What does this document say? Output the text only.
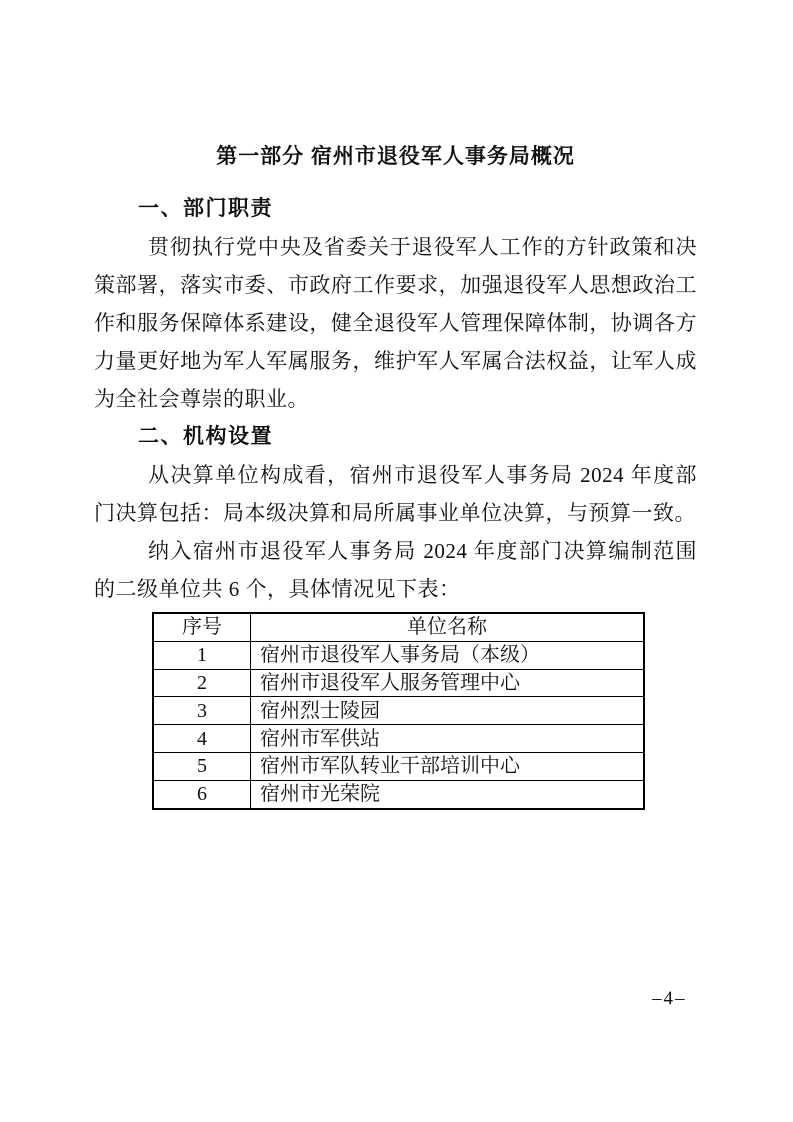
第一部分 宿州市退役军人事务局概况
一、部门职责

贯彻执行党中央及省委关于退役军人工作的方针政策和决策部署，落实市委、市政府工作要求，加强退役军人思想政治工作和服务保障体系建设，健全退役军人管理保障体制，协调各方力量更好地为军人军属服务，维护军人军属合法权益，让军人成为全社会尊崇的职业。

二、机构设置

从决算单位构成看，宿州市退役军人事务局 2024 年度部门决算包括：局本级决算和局所属事业单位决算，与预算一致。

纳入宿州市退役军人事务局 2024 年度部门决算编制范围的二级单位共 6 个，具体情况见下表：

序号	单位名称
1	宿州市退役军人事务局（本级）
2	宿州市退役军人服务管理中心
3	宿州烈士陵园
4	宿州市军供站
5	宿州市军队转业干部培训中心
6	宿州市光荣院
–4–
